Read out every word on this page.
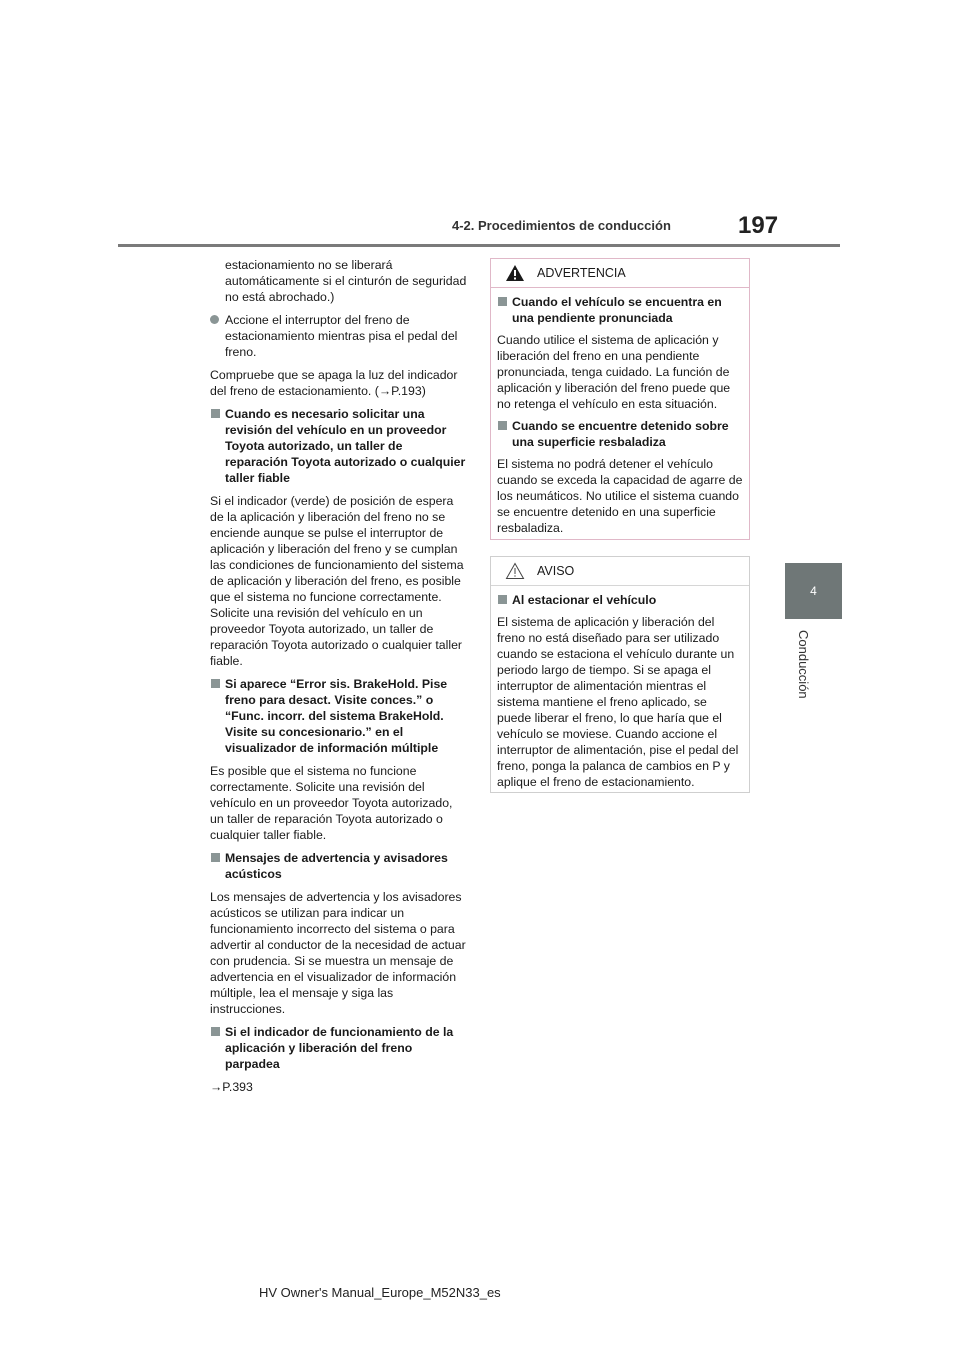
4-2. Procedimientos de conducción	197
4
Conducción

estacionamiento no se liberará automáticamente si el cinturón de seguridad no está abrochado.)

Accione el interruptor del freno de estacionamiento mientras pisa el pedal del freno.

Compruebe que se apaga la luz del indicador del freno de estacionamiento. (→P.193)

Cuando es necesario solicitar una revisión del vehículo en un proveedor Toyota autorizado, un taller de reparación Toyota autorizado o cualquier taller fiable

Si el indicador (verde) de posición de espera de la aplicación y liberación del freno no se enciende aunque se pulse el interruptor de aplicación y liberación del freno y se cumplan las condiciones de funcionamiento del sistema de aplicación y liberación del freno, es posible que el sistema no funcione correctamente. Solicite una revisión del vehículo en un proveedor Toyota autorizado, un taller de reparación Toyota autorizado o cualquier taller fiable.

Si aparece “Error sis. BrakeHold. Pise freno para desact. Visite conces.” o “Func. incorr. del sistema BrakeHold. Visite su concesionario.” en el visualizador de información múltiple

Es posible que el sistema no funcione correctamente. Solicite una revisión del vehículo en un proveedor Toyota autorizado, un taller de reparación Toyota autorizado o cualquier taller fiable.

Mensajes de advertencia y avisadores acústicos

Los mensajes de advertencia y los avisadores acústicos se utilizan para indicar un funcionamiento incorrecto del sistema o para advertir al conductor de la necesidad de actuar con prudencia. Si se muestra un mensaje de advertencia en el visualizador de información múltiple, lea el mensaje y siga las instrucciones.

Si el indicador de funcionamiento de la aplicación y liberación del freno parpadea

→P.393

ADVERTENCIA

Cuando el vehículo se encuentra en una pendiente pronunciada

Cuando utilice el sistema de aplicación y liberación del freno en una pendiente pronunciada, tenga cuidado. La función de aplicación y liberación del freno puede que no retenga el vehículo en esta situación.

Cuando se encuentre detenido sobre una superficie resbaladiza

El sistema no podrá detener el vehículo cuando se exceda la capacidad de agarre de los neumáticos. No utilice el sistema cuando se encuentre detenido en una superficie resbaladiza.

AVISO

Al estacionar el vehículo

El sistema de aplicación y liberación del freno no está diseñado para ser utilizado cuando se estaciona el vehículo durante un periodo largo de tiempo. Si se apaga el interruptor de alimentación mientras el sistema mantiene el freno aplicado, se puede liberar el freno, lo que haría que el vehículo se moviese. Cuando accione el interruptor de alimentación, pise el pedal del freno, ponga la palanca de cambios en P y aplique el freno de estacionamiento.

HV Owner's Manual_Europe_M52N33_es
